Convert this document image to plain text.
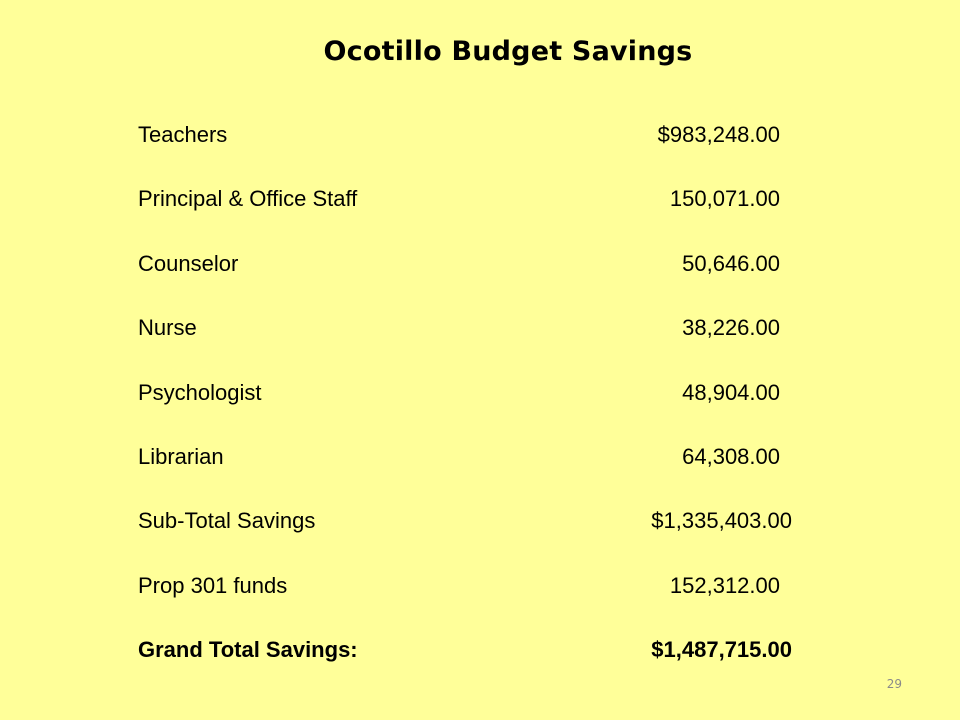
Ocotillo Budget Savings
Teachers	$983,248.00
Principal & Office Staff	150,071.00
Counselor	50,646.00
Nurse	38,226.00
Psychologist	48,904.00
Librarian	64,308.00
Sub-Total Savings	$1,335,403.00
Prop 301 funds	152,312.00
Grand Total Savings:	$1,487,715.00
29
